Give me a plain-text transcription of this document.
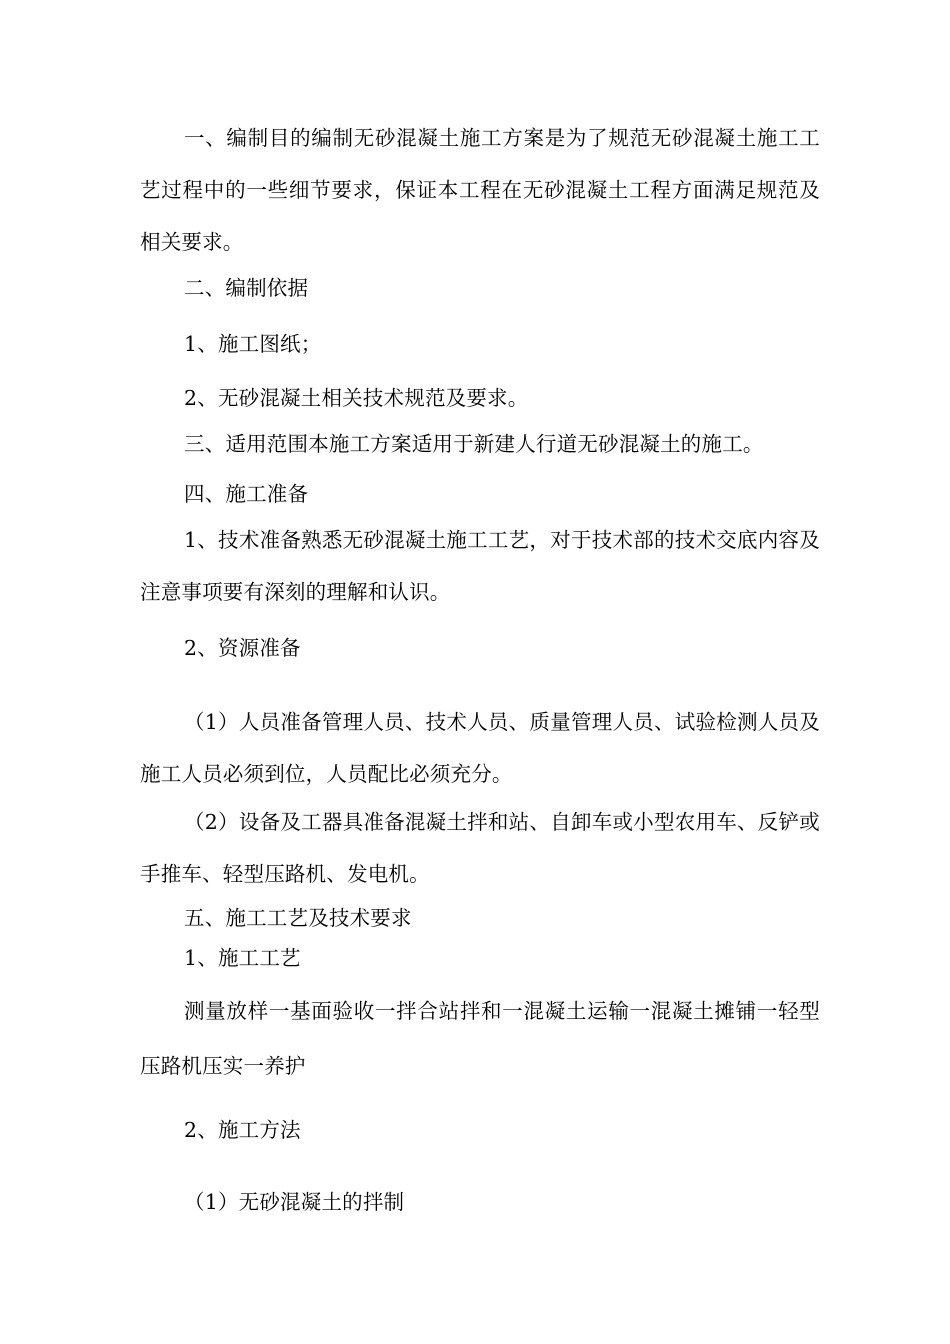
一、编制目的编制无砂混凝土施工方案是为了规范无砂混凝土施工工艺过程中的一些细节要求，保证本工程在无砂混凝土工程方面满足规范及相关要求。

二、编制依据

1、施工图纸；

2、无砂混凝土相关技术规范及要求。

三、适用范围本施工方案适用于新建人行道无砂混凝土的施工。

四、施工准备

1、技术准备熟悉无砂混凝土施工工艺，对于技术部的技术交底内容及注意事项要有深刻的理解和认识。

2、资源准备

（1）人员准备管理人员、技术人员、质量管理人员、试验检测人员及施工人员必须到位，人员配比必须充分。

（2）设备及工器具准备混凝土拌和站、自卸车或小型农用车、反铲或手推车、轻型压路机、发电机。

五、施工工艺及技术要求

1、施工工艺

测量放样一基面验收一拌合站拌和一混凝土运输一混凝土摊铺一轻型压路机压实一养护

2、施工方法

（1）无砂混凝土的拌制
